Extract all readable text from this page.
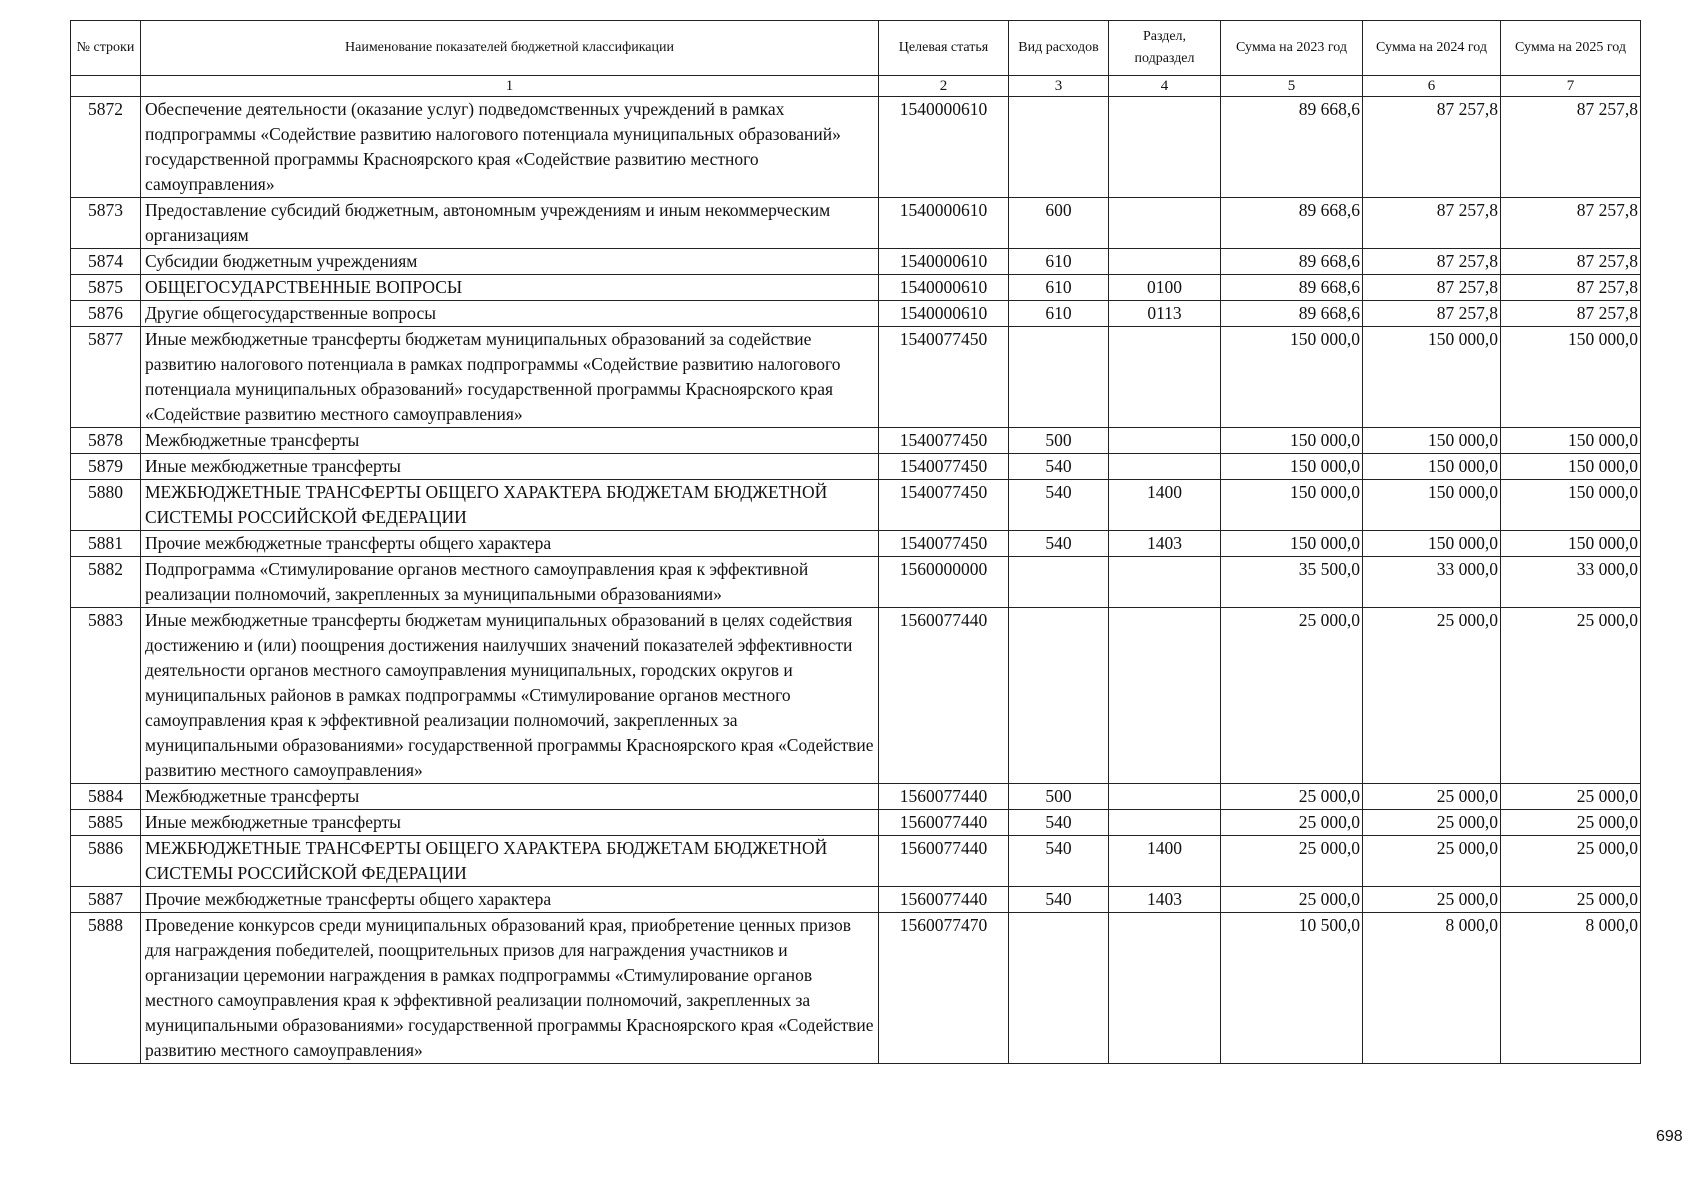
№ строки	Наименование показателей бюджетной классификации	Целевая статья	Вид расходов	Раздел, подраздел	Сумма на 2023 год	Сумма на 2024 год	Сумма на 2025 год
	1	2	3	4	5	6	7
5872	Обеспечение деятельности (оказание услуг) подведомственных учреждений в рамках подпрограммы «Содействие развитию налогового потенциала муниципальных образований» государственной программы Красноярского края «Содействие развитию местного самоуправления»	1540000610			89 668,6	87 257,8	87 257,8
5873	Предоставление субсидий бюджетным, автономным учреждениям и иным некоммерческим организациям	1540000610	600		89 668,6	87 257,8	87 257,8
5874	Субсидии бюджетным учреждениям	1540000610	610		89 668,6	87 257,8	87 257,8
5875	ОБЩЕГОСУДАРСТВЕННЫЕ ВОПРОСЫ	1540000610	610	0100	89 668,6	87 257,8	87 257,8
5876	Другие общегосударственные вопросы	1540000610	610	0113	89 668,6	87 257,8	87 257,8
5877	Иные межбюджетные трансферты бюджетам муниципальных образований за содействие развитию налогового потенциала в рамках подпрограммы «Содействие развитию налогового потенциала муниципальных образований» государственной программы Красноярского края «Содействие развитию местного самоуправления»	1540077450			150 000,0	150 000,0	150 000,0
5878	Межбюджетные трансферты	1540077450	500		150 000,0	150 000,0	150 000,0
5879	Иные межбюджетные трансферты	1540077450	540		150 000,0	150 000,0	150 000,0
5880	МЕЖБЮДЖЕТНЫЕ ТРАНСФЕРТЫ ОБЩЕГО ХАРАКТЕРА БЮДЖЕТАМ БЮДЖЕТНОЙ СИСТЕМЫ РОССИЙСКОЙ ФЕДЕРАЦИИ	1540077450	540	1400	150 000,0	150 000,0	150 000,0
5881	Прочие межбюджетные трансферты общего характера	1540077450	540	1403	150 000,0	150 000,0	150 000,0
5882	Подпрограмма «Стимулирование органов местного самоуправления края к эффективной реализации полномочий, закрепленных за муниципальными образованиями»	1560000000			35 500,0	33 000,0	33 000,0
5883	Иные межбюджетные трансферты бюджетам муниципальных образований в целях содействия достижению и (или) поощрения достижения наилучших значений показателей эффективности деятельности органов местного самоуправления муниципальных, городских округов и муниципальных районов в рамках подпрограммы «Стимулирование органов местного самоуправления края к эффективной реализации полномочий, закрепленных за муниципальными образованиями» государственной программы Красноярского края «Содействие развитию местного самоуправления»	1560077440			25 000,0	25 000,0	25 000,0
5884	Межбюджетные трансферты	1560077440	500		25 000,0	25 000,0	25 000,0
5885	Иные межбюджетные трансферты	1560077440	540		25 000,0	25 000,0	25 000,0
5886	МЕЖБЮДЖЕТНЫЕ ТРАНСФЕРТЫ ОБЩЕГО ХАРАКТЕРА БЮДЖЕТАМ БЮДЖЕТНОЙ СИСТЕМЫ РОССИЙСКОЙ ФЕДЕРАЦИИ	1560077440	540	1400	25 000,0	25 000,0	25 000,0
5887	Прочие межбюджетные трансферты общего характера	1560077440	540	1403	25 000,0	25 000,0	25 000,0
5888	Проведение конкурсов среди муниципальных образований края, приобретение ценных призов для награждения победителей, поощрительных призов для награждения участников и организации церемонии награждения в рамках подпрограммы «Стимулирование органов местного самоуправления края к эффективной реализации полномочий, закрепленных за муниципальными образованиями» государственной программы Красноярского края «Содействие развитию местного самоуправления»	1560077470			10 500,0	8 000,0	8 000,0
698
